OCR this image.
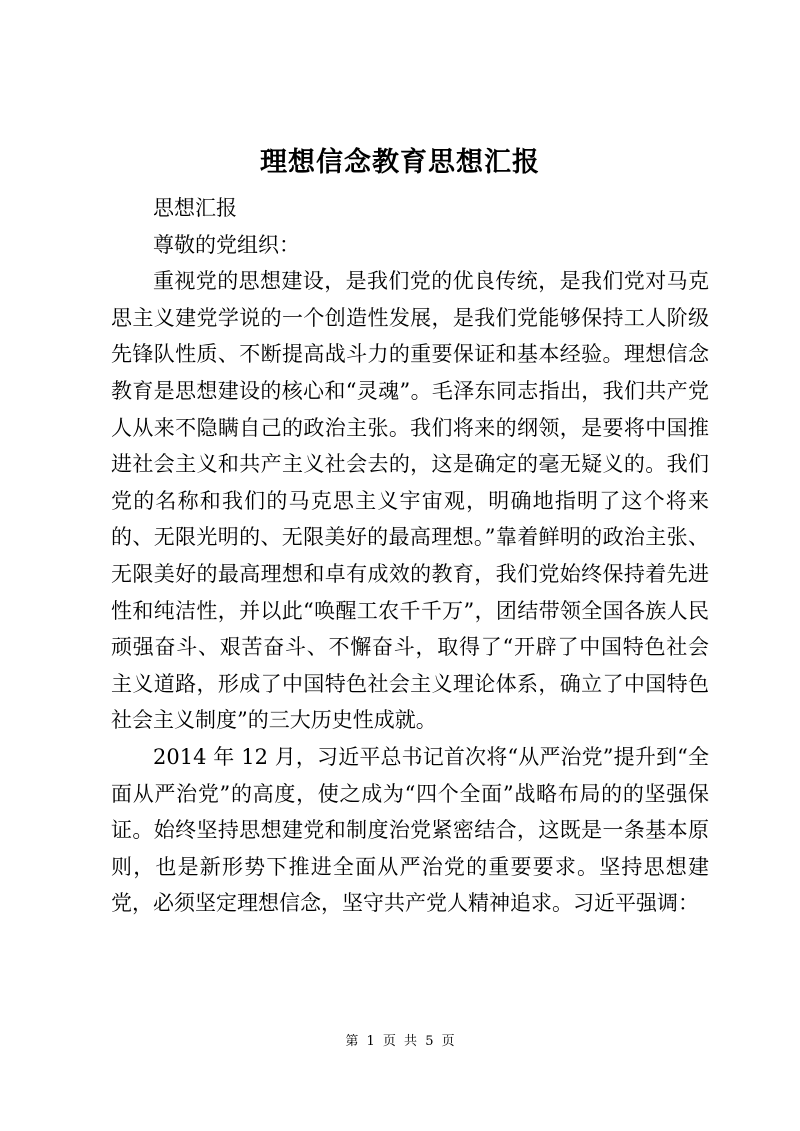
理想信念教育思想汇报

思想汇报

尊敬的党组织：

重视党的思想建设，是我们党的优良传统，是我们党对马克思主义建党学说的一个创造性发展，是我们党能够保持工人阶级先锋队性质、不断提高战斗力的重要保证和基本经验。理想信念教育是思想建设的核心和“灵魂”。毛泽东同志指出，我们共产党人从来不隐瞒自己的政治主张。我们将来的纲领，是要将中国推进社会主义和共产主义社会去的，这是确定的毫无疑义的。我们党的名称和我们的马克思主义宇宙观，明确地指明了这个将来的、无限光明的、无限美好的最高理想。”靠着鲜明的政治主张、无限美好的最高理想和卓有成效的教育，我们党始终保持着先进性和纯洁性，并以此“唤醒工农千千万”，团结带领全国各族人民顽强奋斗、艰苦奋斗、不懈奋斗，取得了“开辟了中国特色社会主义道路，形成了中国特色社会主义理论体系，确立了中国特色社会主义制度”的三大历史性成就。

2014 年 12 月，习近平总书记首次将“从严治党”提升到“全面从严治党”的高度，使之成为“四个全面”战略布局的的坚强保证。始终坚持思想建党和制度治党紧密结合，这既是一条基本原则，也是新形势下推进全面从严治党的重要要求。坚持思想建党，必须坚定理想信念，坚守共产党人精神追求。习近平强调：

第 1 页 共 5 页
